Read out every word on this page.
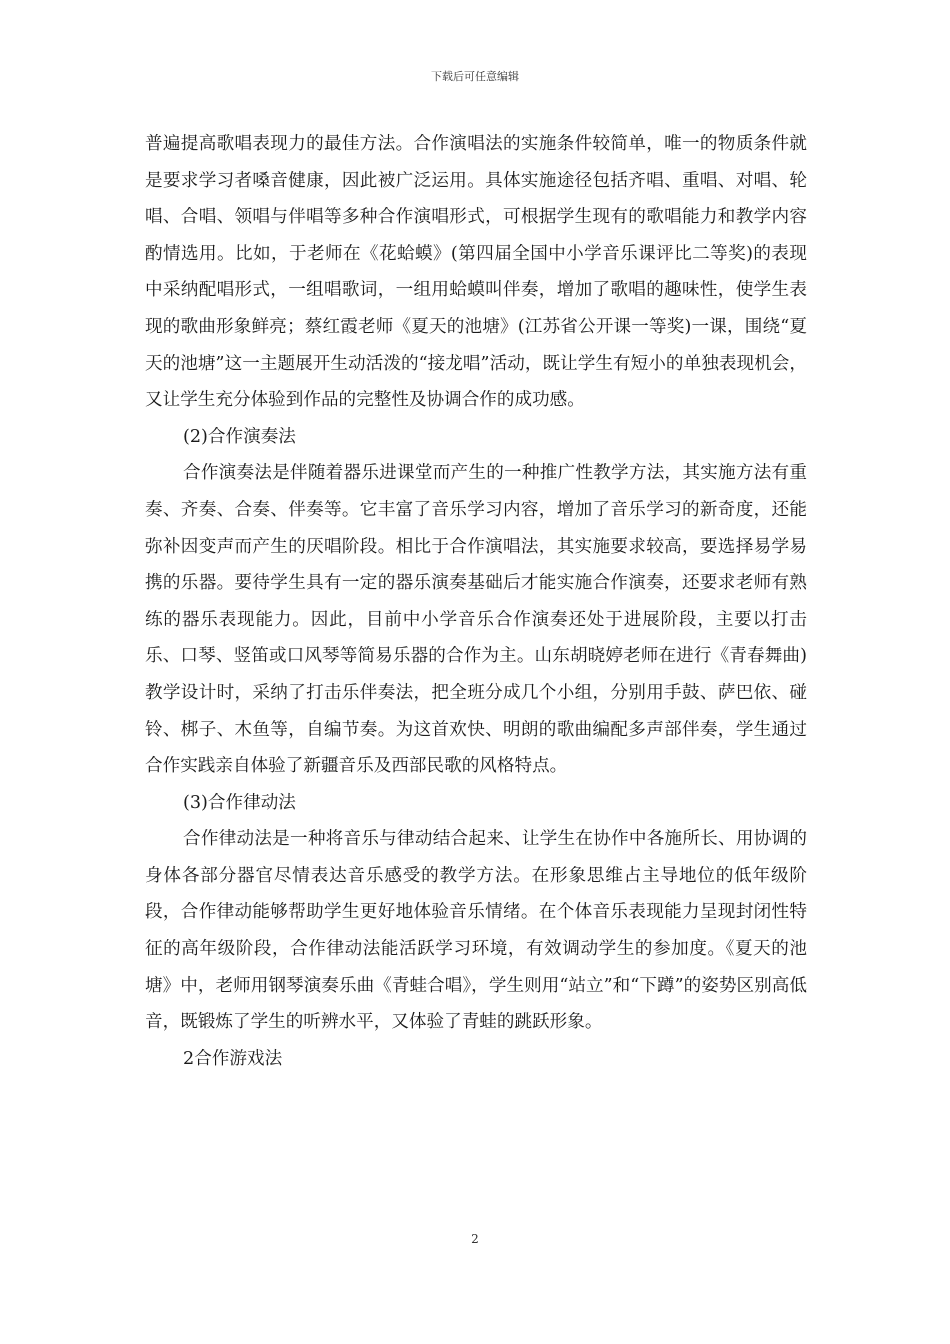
下载后可任意编辑

普遍提高歌唱表现力的最佳方法。合作演唱法的实施条件较简单，唯一的物质条件就是要求学习者嗓音健康，因此被广泛运用。具体实施途径包括齐唱、重唱、对唱、轮唱、合唱、领唱与伴唱等多种合作演唱形式，可根据学生现有的歌唱能力和教学内容酌情选用。比如，于老师在《花蛤蟆》(第四届全国中小学音乐课评比二等奖)的表现中采纳配唱形式，一组唱歌词，一组用蛤蟆叫伴奏，增加了歌唱的趣味性，使学生表现的歌曲形象鲜亮；蔡红霞老师《夏天的池塘》(江苏省公开课一等奖)一课，围绕“夏天的池塘”这一主题展开生动活泼的“接龙唱”活动，既让学生有短小的单独表现机会，又让学生充分体验到作品的完整性及协调合作的成功感。

(2)合作演奏法

合作演奏法是伴随着器乐进课堂而产生的一种推广性教学方法，其实施方法有重奏、齐奏、合奏、伴奏等。它丰富了音乐学习内容，增加了音乐学习的新奇度，还能弥补因变声而产生的厌唱阶段。相比于合作演唱法，其实施要求较高，要选择易学易携的乐器。要待学生具有一定的器乐演奏基础后才能实施合作演奏，还要求老师有熟练的器乐表现能力。因此，目前中小学音乐合作演奏还处于进展阶段，主要以打击乐、口琴、竖笛或口风琴等简易乐器的合作为主。山东胡晓婷老师在进行《青春舞曲)教学设计时，采纳了打击乐伴奏法，把全班分成几个小组，分别用手鼓、萨巴依、碰铃、梆子、木鱼等，自编节奏。为这首欢快、明朗的歌曲编配多声部伴奏，学生通过合作实践亲自体验了新疆音乐及西部民歌的风格特点。

(3)合作律动法

合作律动法是一种将音乐与律动结合起来、让学生在协作中各施所长、用协调的身体各部分器官尽情表达音乐感受的教学方法。在形象思维占主导地位的低年级阶段，合作律动能够帮助学生更好地体验音乐情绪。在个体音乐表现能力呈现封闭性特征的高年级阶段，合作律动法能活跃学习环境，有效调动学生的参加度。《夏天的池塘》中，老师用钢琴演奏乐曲《青蛙合唱》，学生则用“站立”和“下蹲”的姿势区别高低音，既锻炼了学生的听辨水平，又体验了青蛙的跳跃形象。

2合作游戏法

2
